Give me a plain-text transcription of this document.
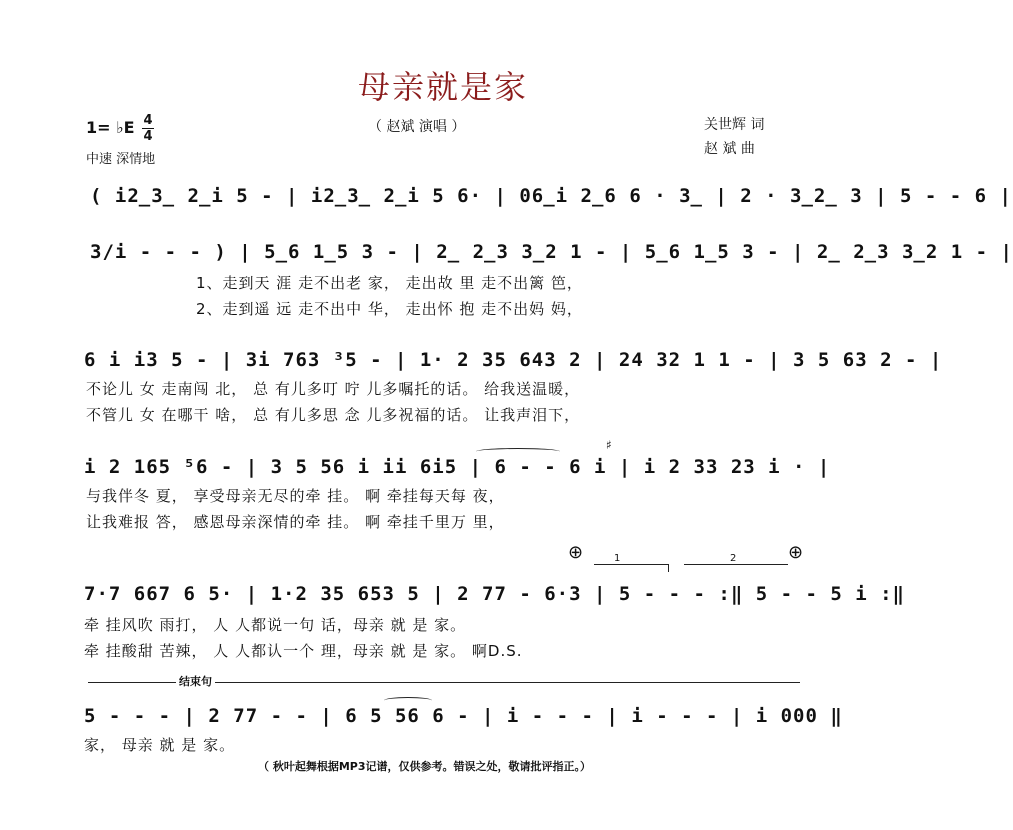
母亲就是家
（ 赵斌 演唱 ）
1= ♭E 4
4
中速 深情地
关世辉 词
赵 斌 曲
( i2̲3̲ 2̲i 5 - | i2̲3̲ 2̲i 5 6· | 06̲i 2̲6 6 · 3̲ | 2 · 3̲2̲ 3 | 5 - - 6 |
3/i - - - ) | 5̲6 1̲5 3 - | 2̲ 2̲3 3̲2 1 - | 5̲6 1̲5 3 - | 2̲ 2̲3 3̲2 1 - |
1、走到天 涯 走不出老 家， 走出故 里 走不出篱 笆，
2、走到遥 远 走不出中 华， 走出怀 抱 走不出妈 妈，
6 i i3 5 - | 3i 763 ³5 - | 1· 2 35 643 2 | 24 32 1 1 - | 3 5 63 2 - |
不论儿 女 走南闯 北， 总 有儿多叮 咛 儿多嘱托的话。 给我送温暖，
不管儿 女 在哪干 啥， 总 有儿多思 念 儿多祝福的话。 让我声泪下，
♯
i 2 165 ⁵6 - | 3 5 56 i ii 6i5 | 6 - - 6 i | i 2 33 23 i · |
与我伴冬 夏， 享受母亲无尽的牵 挂。 啊 牵挂每天每 夜，
让我难报 答， 感恩母亲深情的牵 挂。 啊 牵挂千里万 里，
⊕	1	2	⊕
7·7 667 6 5· | 1·2 35 653 5 | 2 77 - 6·3 | 5 - - - :‖ 5 - - 5 i :‖
牵 挂风吹 雨打， 人 人都说一句 话，母亲 就 是 家。
牵 挂酸甜 苦辣， 人 人都认一个 理，母亲 就 是 家。 啊D.S.
结束句
5 - - - | 2 77 - - | 6 5 56 6 - | i - - - | i - - - | i 000 ‖
家， 母亲 就 是 家。
（ 秋叶起舞根据MP3记谱，仅供参考。错误之处，敬请批评指正。）
